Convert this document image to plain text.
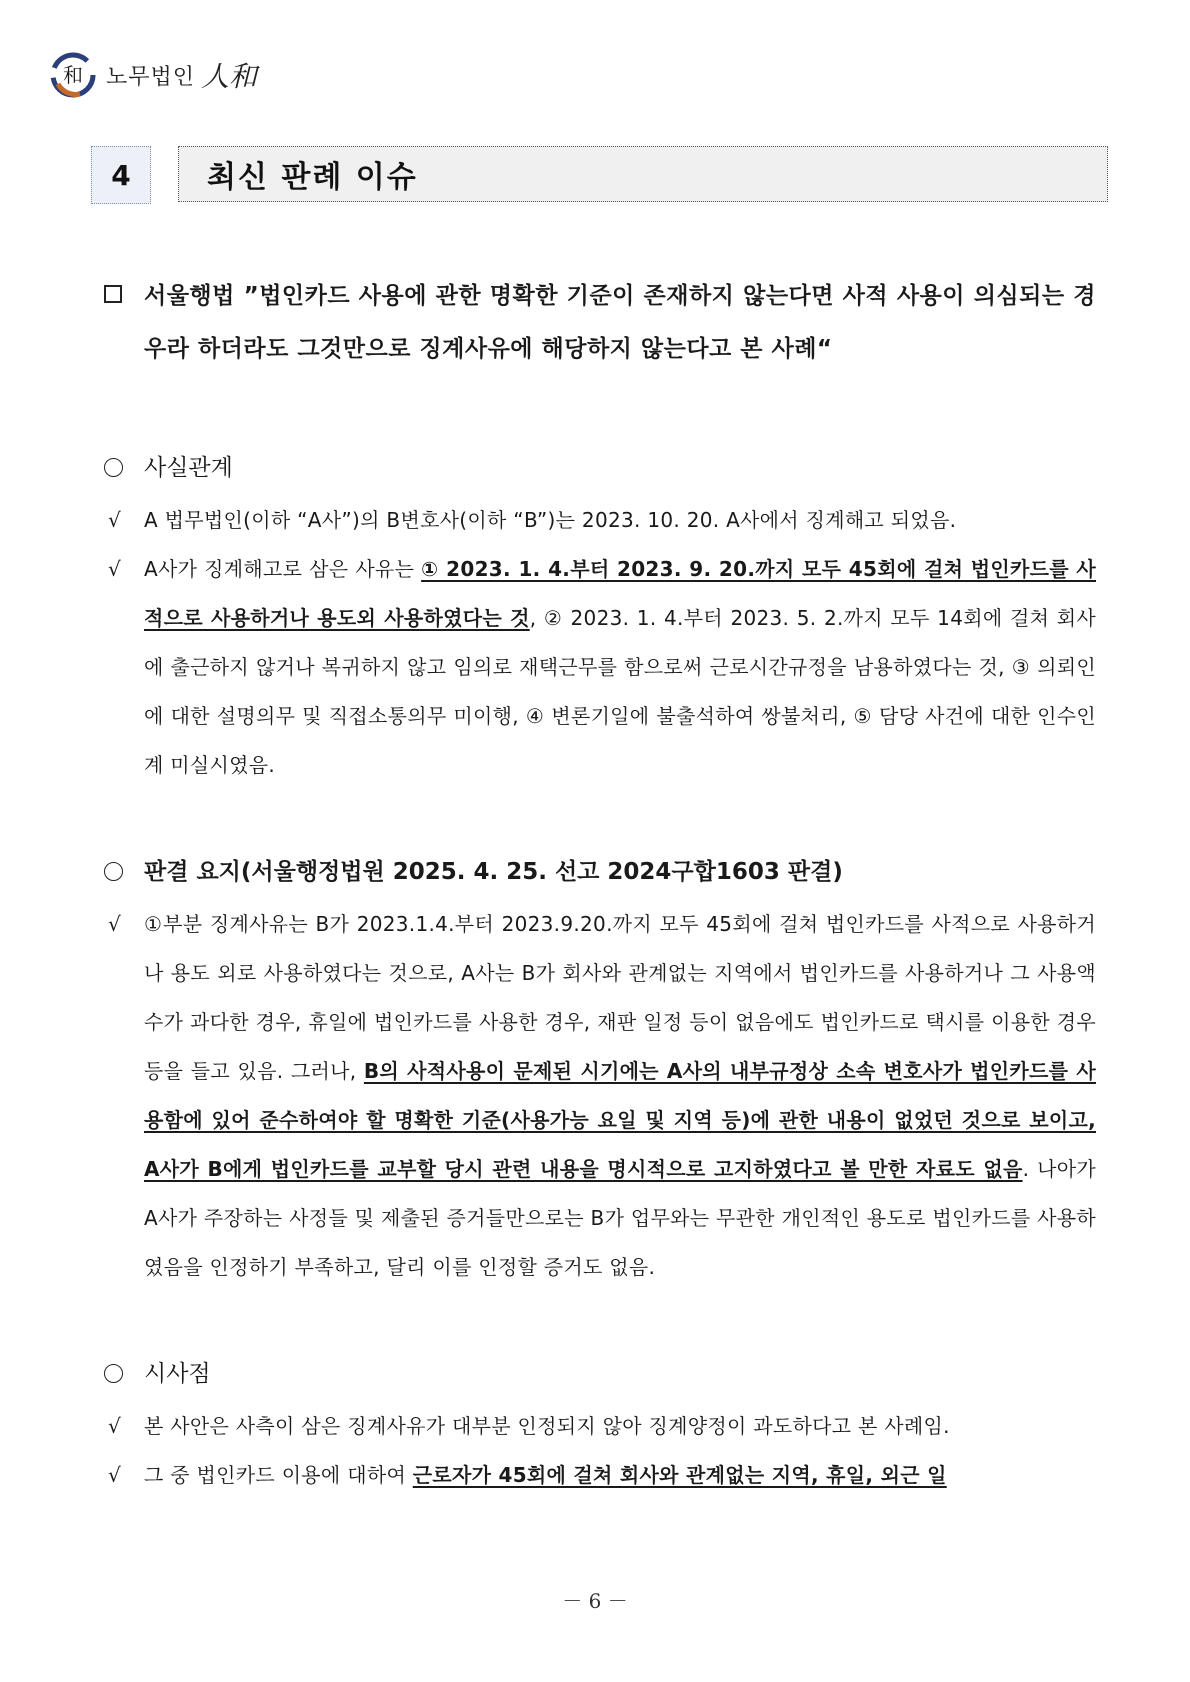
和 노무법인 人和
4	최신 판례 이슈
서울행법 ”법인카드 사용에 관한 명확한 기준이 존재하지 않는다면 사적 사용이 의심되는 경우라 하더라도 그것만으로 징계사유에 해당하지 않는다고 본 사례“
사실관계
√ A 법무법인(이하 “A사”)의 B변호사(이하 “B”)는 2023. 10. 20. A사에서 징계해고 되었음.
√ A사가 징계해고로 삼은 사유는 ① 2023. 1. 4.부터 2023. 9. 20.까지 모두 45회에 걸쳐 법인카드를 사적으로 사용하거나 용도외 사용하였다는 것, ② 2023. 1. 4.부터 2023. 5. 2.까지 모두 14회에 걸쳐 회사에 출근하지 않거나 복귀하지 않고 임의로 재택근무를 함으로써 근로시간규정을 남용하였다는 것, ③ 의뢰인에 대한 설명의무 및 직접소통의무 미이행, ④ 변론기일에 불출석하여 쌍불처리, ⑤ 담당 사건에 대한 인수인계 미실시였음.
판결 요지(서울행정법원 2025. 4. 25. 선고 2024구합1603 판결)
√ ①부분 징계사유는 B가 2023.1.4.부터 2023.9.20.까지 모두 45회에 걸쳐 법인카드를 사적으로 사용하거나 용도 외로 사용하였다는 것으로, A사는 B가 회사와 관계없는 지역에서 법인카드를 사용하거나 그 사용액수가 과다한 경우, 휴일에 법인카드를 사용한 경우, 재판 일정 등이 없음에도 법인카드로 택시를 이용한 경우 등을 들고 있음. 그러나, B의 사적사용이 문제된 시기에는 A사의 내부규정상 소속 변호사가 법인카드를 사용함에 있어 준수하여야 할 명확한 기준(사용가능 요일 및 지역 등)에 관한 내용이 없었던 것으로 보이고, A사가 B에게 법인카드를 교부할 당시 관련 내용을 명시적으로 고지하였다고 볼 만한 자료도 없음. 나아가 A사가 주장하는 사정들 및 제출된 증거들만으로는 B가 업무와는 무관한 개인적인 용도로 법인카드를 사용하였음을 인정하기 부족하고, 달리 이를 인정할 증거도 없음.
시사점
√ 본 사안은 사측이 삼은 징계사유가 대부분 인정되지 않아 징계양정이 과도하다고 본 사례임.
√ 그 중 법인카드 이용에 대하여 근로자가 45회에 걸쳐 회사와 관계없는 지역, 휴일, 외근 일
－ 6 －
